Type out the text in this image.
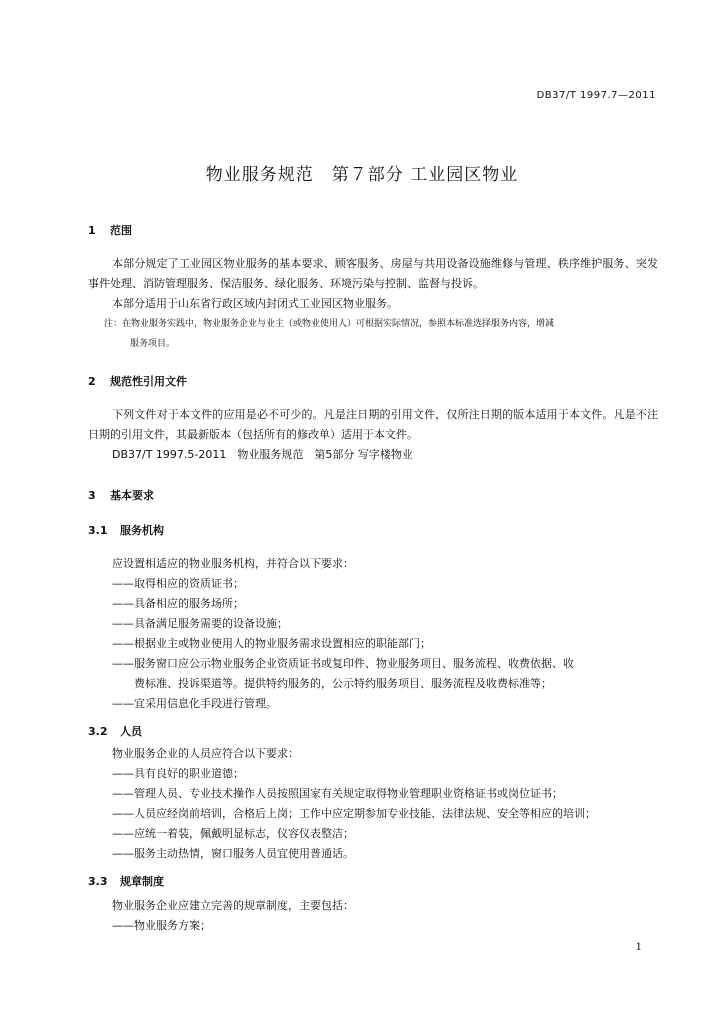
DB37/T 1997.7—2011
物业服务规范　第７部分 工业园区物业
1 范围

本部分规定了工业园区物业服务的基本要求、顾客服务、房屋与共用设备设施维修与管理、秩序维护服务、突发事件处理、消防管理服务、保洁服务、绿化服务、环境污染与控制、监督与投诉。

本部分适用于山东省行政区域内封闭式工业园区物业服务。

注：在物业服务实践中，物业服务企业与业主（或物业使用人）可根据实际情况，参照本标准选择服务内容，增减
服务项目。
2 规范性引用文件

下列文件对于本文件的应用是必不可少的。凡是注日期的引用文件，仅所注日期的版本适用于本文件。凡是不注日期的引用文件，其最新版本（包括所有的修改单）适用于本文件。

DB37/T 1997.5-2011　物业服务规范　第5部分 写字楼物业

3 基本要求
3.1 服务机构
应设置相适应的物业服务机构，并符合以下要求：
——取得相应的资质证书；
——具备相应的服务场所；
——具备满足服务需要的设备设施；
——根据业主或物业使用人的物业服务需求设置相应的职能部门；
——服务窗口应公示物业服务企业资质证书或复印件、物业服务项目、服务流程、收费依据、收
费标准、投诉渠道等。提供特约服务的，公示特约服务项目、服务流程及收费标准等；
——宜采用信息化手段进行管理。
3.2 人员
物业服务企业的人员应符合以下要求：
——具有良好的职业道德；
——管理人员、专业技术操作人员按照国家有关规定取得物业管理职业资格证书或岗位证书；
——人员应经岗前培训，合格后上岗；工作中应定期参加专业技能、法律法规、安全等相应的培训；
——应统一着装，佩戴明显标志，仪容仪表整洁；
——服务主动热情，窗口服务人员宜使用普通话。
3.3 规章制度
物业服务企业应建立完善的规章制度，主要包括：
——物业服务方案；
1
